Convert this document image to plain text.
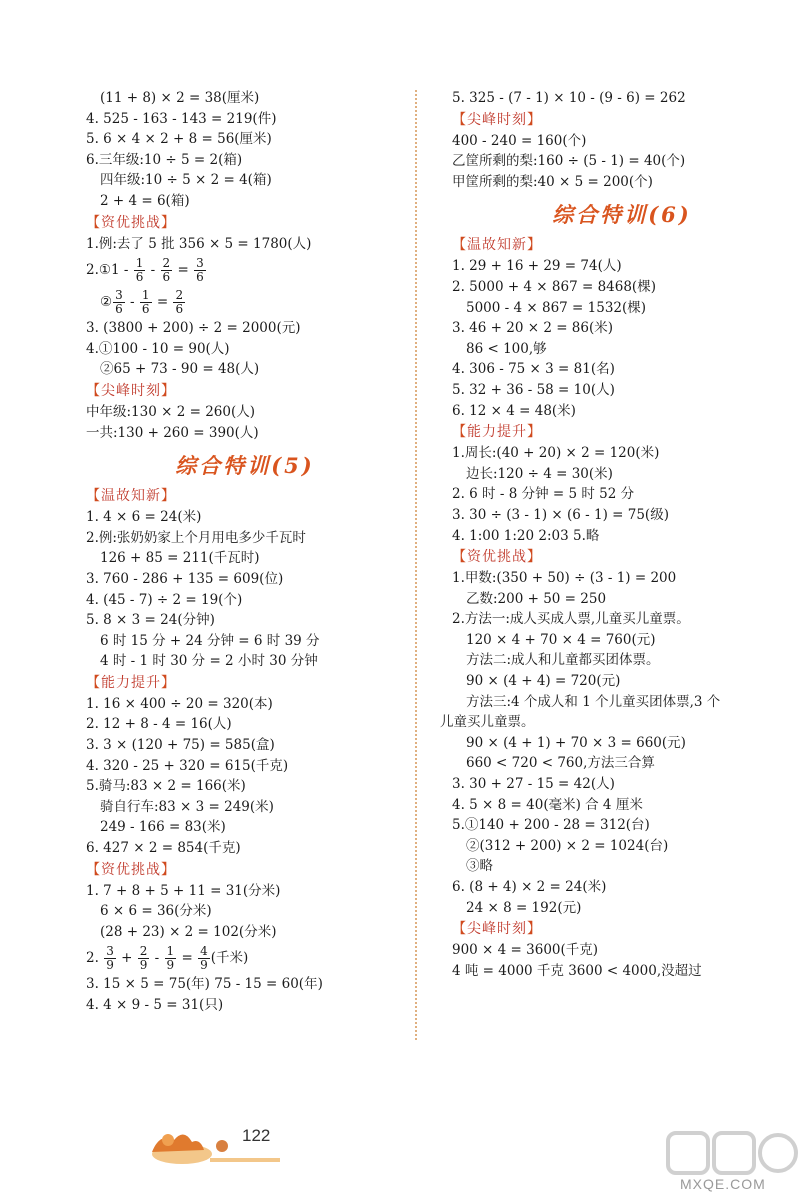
(11 + 8) × 2 = 38(厘米)
4. 525 - 163 - 143 = 219(件)
5. 6 × 4 × 2 + 8 = 56(厘米)
6.三年级:10 ÷ 5 = 2(箱)
四年级:10 ÷ 5 × 2 = 4(箱)
2 + 4 = 6(箱)
【资优挑战】
1.例:去了 5 批 356 × 5 = 1780(人)
2.①1 - $\frac{1}{6} - \frac{2}{6} = \frac{3}{6}$
② $\frac{3}{6} - \frac{1}{6} = \frac{2}{6}$
3. (3800 + 200) ÷ 2 = 2000(元)
4.①100 - 10 = 90(人)
②65 + 73 - 90 = 48(人)
【尖峰时刻】
中年级:130 × 2 = 260(人)
一共:130 + 260 = 390(人)
综合特训(5)
【温故知新】
1. 4 × 6 = 24(米)
2.例:张奶奶家上个月用电多少千瓦时
126 + 85 = 211(千瓦时)
3. 760 - 286 + 135 = 609(位)
4. (45 - 7) ÷ 2 = 19(个)
5. 8 × 3 = 24(分钟)
6 时 15 分 + 24 分钟 = 6 时 39 分
4 时 - 1 时 30 分 = 2 小时 30 分钟
【能力提升】
1. 16 × 400 ÷ 20 = 320(本)
2. 12 + 8 - 4 = 16(人)
3. 3 × (120 + 75) = 585(盒)
4. 320 - 25 + 320 = 615(千克)
5.骑马:83 × 2 = 166(米)
骑自行车:83 × 3 = 249(米)
249 - 166 = 83(米)
6. 427 × 2 = 854(千克)
【资优挑战】
1. 7 + 8 + 5 + 11 = 31(分米)
6 × 6 = 36(分米)
(28 + 23) × 2 = 102(分米)
2. $\frac{3}{9} + \frac{2}{9} - \frac{1}{9} = \frac{4}{9}$ (千米)
3. 15 × 5 = 75(年) 75 - 15 = 60(年)
4. 4 × 9 - 5 = 31(只)
5. 325 - (7 - 1) × 10 - (9 - 6) = 262
【尖峰时刻】
400 - 240 = 160(个)
乙筐所剩的梨:160 ÷ (5 - 1) = 40(个)
甲筐所剩的梨:40 × 5 = 200(个)
综合特训(6)
【温故知新】
1. 29 + 16 + 29 = 74(人)
2. 5000 + 4 × 867 = 8468(棵)
5000 - 4 × 867 = 1532(棵)
3. 46 + 20 × 2 = 86(米)
86 < 100,够
4. 306 - 75 × 3 = 81(名)
5. 32 + 36 - 58 = 10(人)
6. 12 × 4 = 48(米)
【能力提升】
1.周长:(40 + 20) × 2 = 120(米)
边长:120 ÷ 4 = 30(米)
2. 6 时 - 8 分钟 = 5 时 52 分
3. 30 ÷ (3 - 1) × (6 - 1) = 75(级)
4. 1:00 1:20 2:03 5.略
【资优挑战】
1.甲数:(350 + 50) ÷ (3 - 1) = 200
乙数:200 + 50 = 250
2.方法一:成人买成人票,儿童买儿童票。
120 × 4 + 70 × 4 = 760(元)
方法二:成人和儿童都买团体票。
90 × (4 + 4) = 720(元)
方法三:4 个成人和 1 个儿童买团体票,3 个
儿童买儿童票。
90 × (4 + 1) + 70 × 3 = 660(元)
660 < 720 < 760,方法三合算
3. 30 + 27 - 15 = 42(人)
4. 5 × 8 = 40(毫米) 合 4 厘米
5.①140 + 200 - 28 = 312(台)
②(312 + 200) × 2 = 1024(台)
③略
6. (8 + 4) × 2 = 24(米)
24 × 8 = 192(元)
【尖峰时刻】
900 × 4 = 3600(千克)
4 吨 = 4000 千克 3600 < 4000,没超过
122
MXQE.COM
